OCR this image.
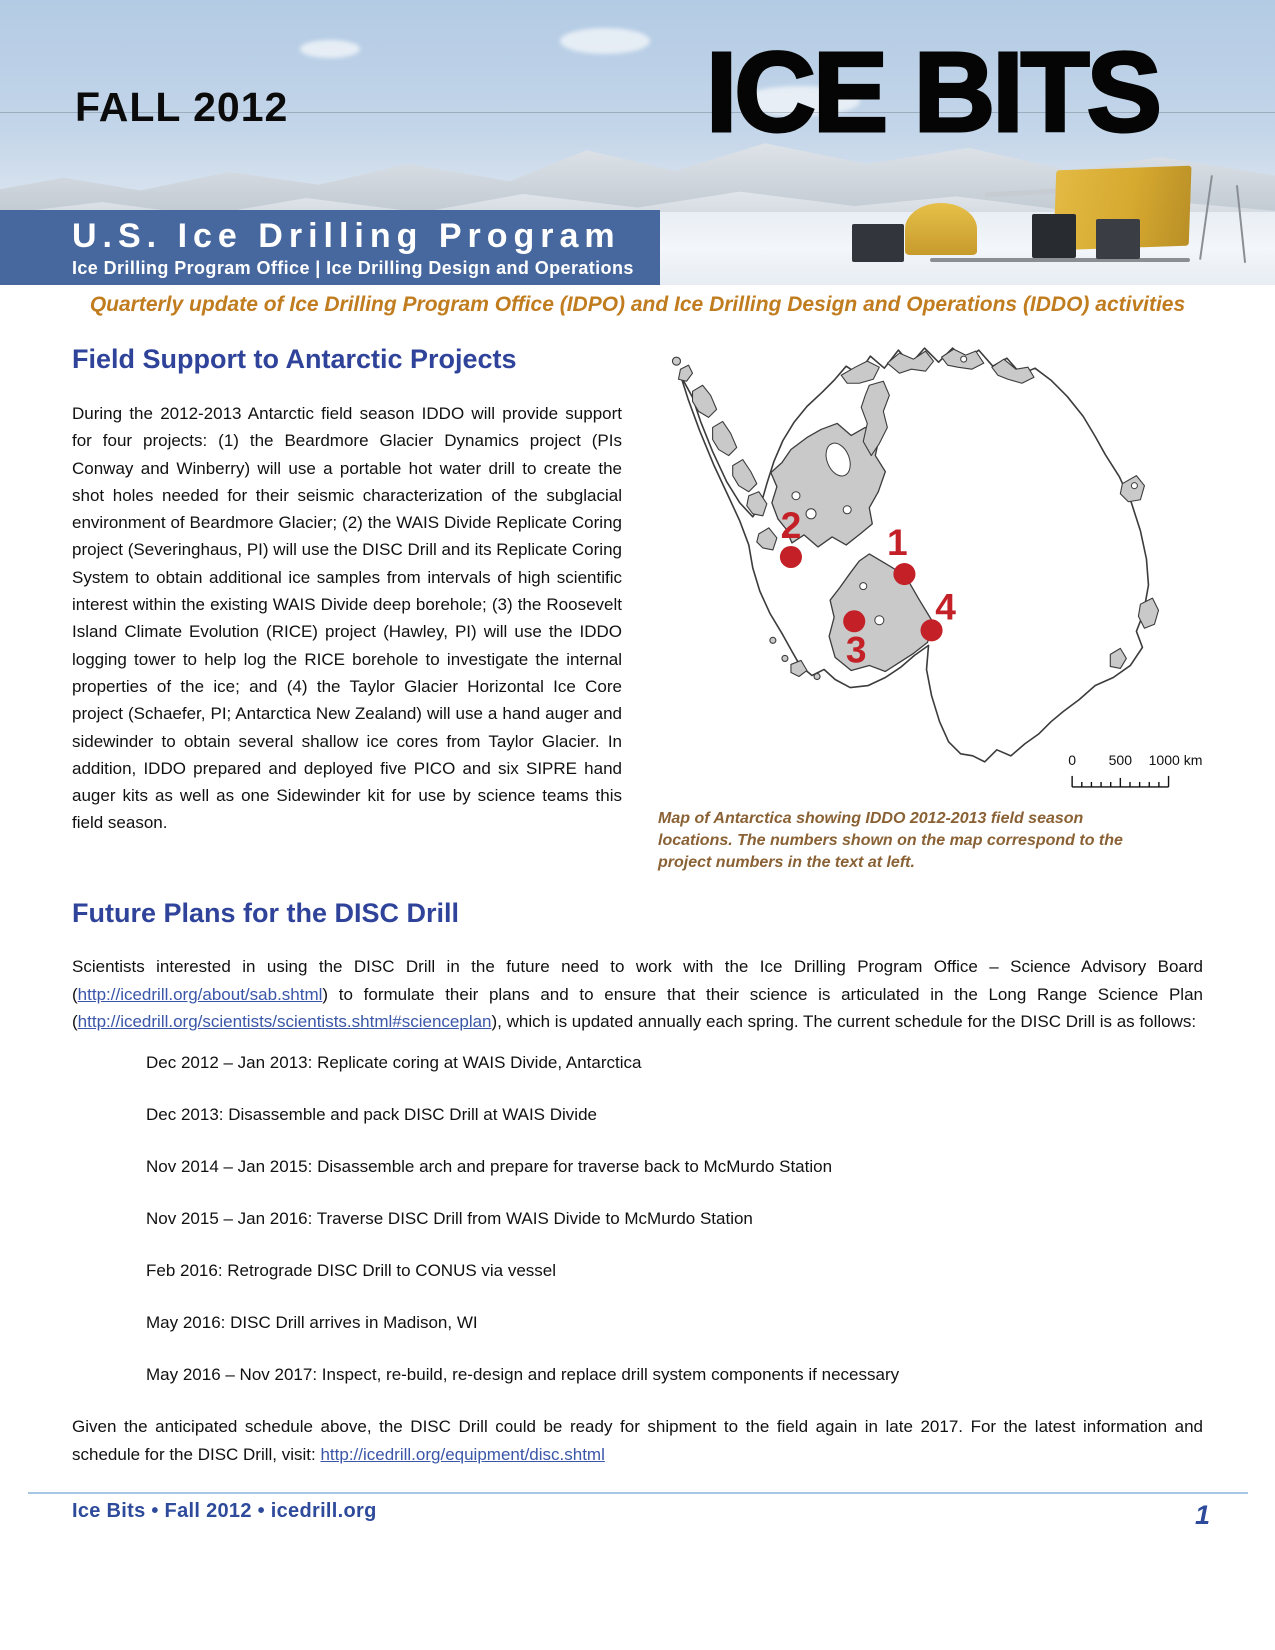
FALL 2012	ICE BITS
U.S. Ice Drilling Program
Ice Drilling Program Office | Ice Drilling Design and Operations
Quarterly update of Ice Drilling Program Office (IDPO) and Ice Drilling Design and Operations (IDDO) activities
Field Support to Antarctic Projects

During the 2012-2013 Antarctic field season IDDO will provide support for four projects: (1) the Beardmore Glacier Dynamics project (PIs Conway and Winberry) will use a portable hot water drill to create the shot holes needed for their seismic characterization of the subglacial environment of Beardmore Glacier; (2) the WAIS Divide Replicate Coring project (Severinghaus, PI) will use the DISC Drill and its Replicate Coring System to obtain additional ice samples from intervals of high scientific interest within the existing WAIS Divide deep borehole; (3) the Roosevelt Island Climate Evolution (RICE) project (Hawley, PI) will use the IDDO logging tower to help log the RICE borehole to investigate the internal properties of the ice; and (4) the Taylor Glacier Horizontal Ice Core project (Schaefer, PI; Antarctica New Zealand) will use a hand auger and sidewinder to obtain several shallow ice cores from Taylor Glacier. In addition, IDDO prepared and deployed five PICO and six SIPRE hand auger kits as well as one Sidewinder kit for use by science teams this field season.

2 1
3
4
0 500 1000 km
Map of Antarctica showing IDDO 2012-2013 field season locations. The numbers shown on the map correspond to the project numbers in the text at left.
Future Plans for the DISC Drill

Scientists interested in using the DISC Drill in the future need to work with the Ice Drilling Program Office – Science Advisory Board (http://icedrill.org/about/sab.shtml) to formulate their plans and to ensure that their science is articulated in the Long Range Science Plan (http://icedrill.org/scientists/scientists.shtml#scienceplan), which is updated annually each spring. The current schedule for the DISC Drill is as follows:

Dec 2012 – Jan 2013: Replicate coring at WAIS Divide, Antarctica
Dec 2013: Disassemble and pack DISC Drill at WAIS Divide
Nov 2014 – Jan 2015: Disassemble arch and prepare for traverse back to McMurdo Station
Nov 2015 – Jan 2016: Traverse DISC Drill from WAIS Divide to McMurdo Station
Feb 2016: Retrograde DISC Drill to CONUS via vessel
May 2016: DISC Drill arrives in Madison, WI
May 2016 – Nov 2017: Inspect, re-build, re-design and replace drill system components if necessary

Given the anticipated schedule above, the DISC Drill could be ready for shipment to the field again in late 2017. For the latest information and schedule for the DISC Drill, visit: http://icedrill.org/equipment/disc.shtml

Ice Bits • Fall 2012 • icedrill.org	1
